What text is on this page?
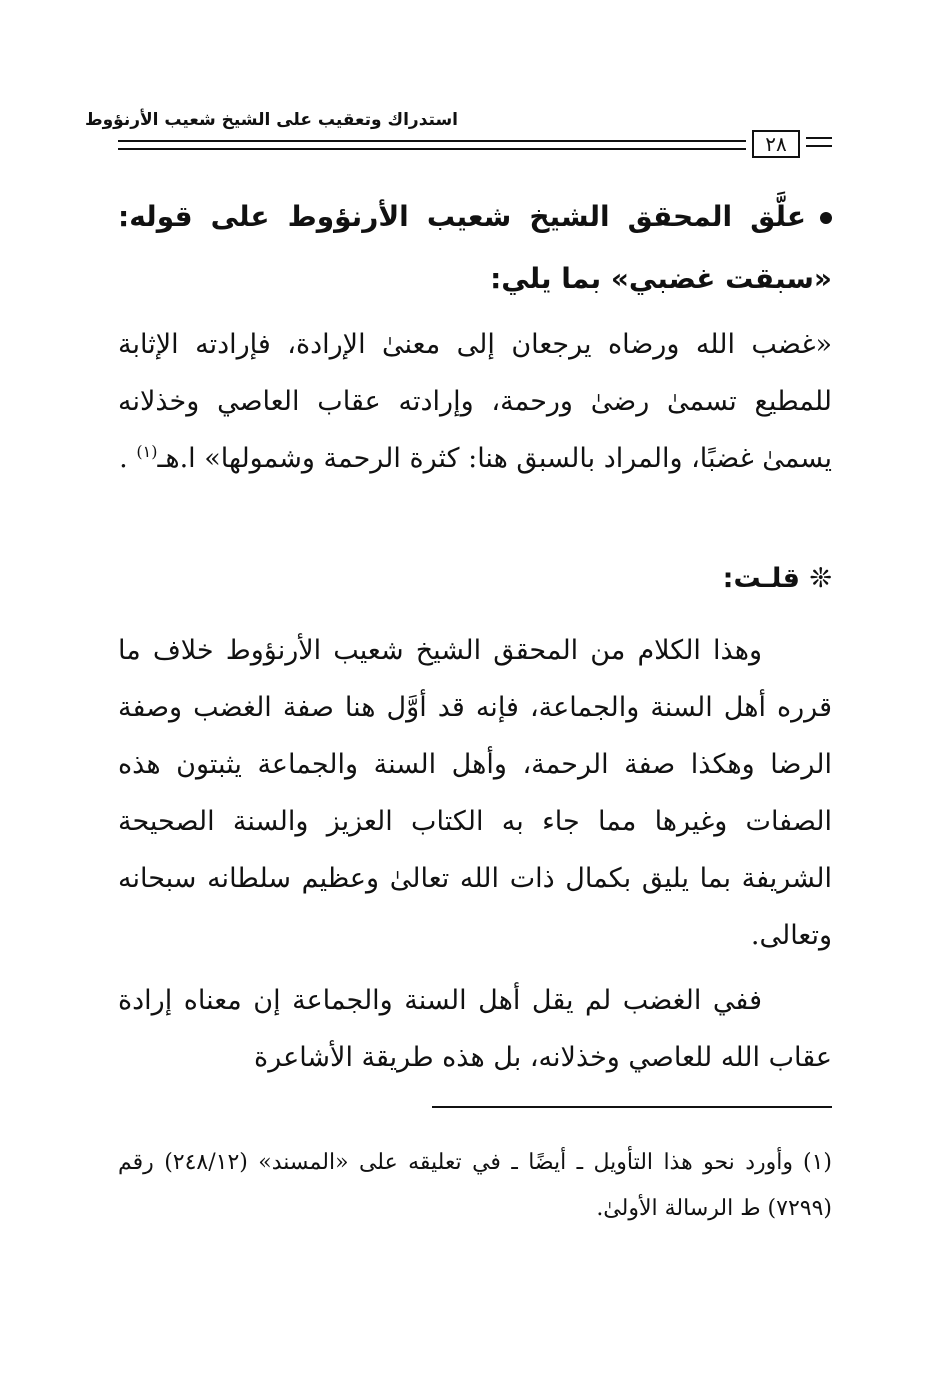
استدراك وتعقيب على الشيخ شعيب الأرنؤوط
٢٨
علَّق المحقق الشيخ شعيب الأرنؤوط على قوله: «سبقت غضبي» بما يلي:
«غضب الله ورضاه يرجعان إلى معنىٰ الإرادة، فإرادته الإثابة للمطيع تسمىٰ رضىٰ ورحمة، وإرادته عقاب العاصي وخذلانه يسمىٰ غضبًا، والمراد بالسبق هنا: كثرة الرحمة وشمولها» ا.هـ$^{(١)}$ .
❊ قلـت:
وهذا الكلام من المحقق الشيخ شعيب الأرنؤوط خلاف ما قرره أهل السنة والجماعة، فإنه قد أوَّل هنا صفة الغضب وصفة الرضا وهكذا صفة الرحمة، وأهل السنة والجماعة يثبتون هذه الصفات وغيرها مما جاء به الكتاب العزيز والسنة الصحيحة الشريفة بما يليق بكمال ذات الله تعالىٰ وعظيم سلطانه سبحانه وتعالى.
ففي الغضب لم يقل أهل السنة والجماعة إن معناه إرادة عقاب الله للعاصي وخذلانه، بل هذه طريقة الأشاعرة
(١)وأورد نحو هذا التأويل ـ أيضًا ـ في تعليقه على «المسند» (٢٤٨/١٢) رقم (٧٢٩٩) ط الرسالة الأولىٰ.
